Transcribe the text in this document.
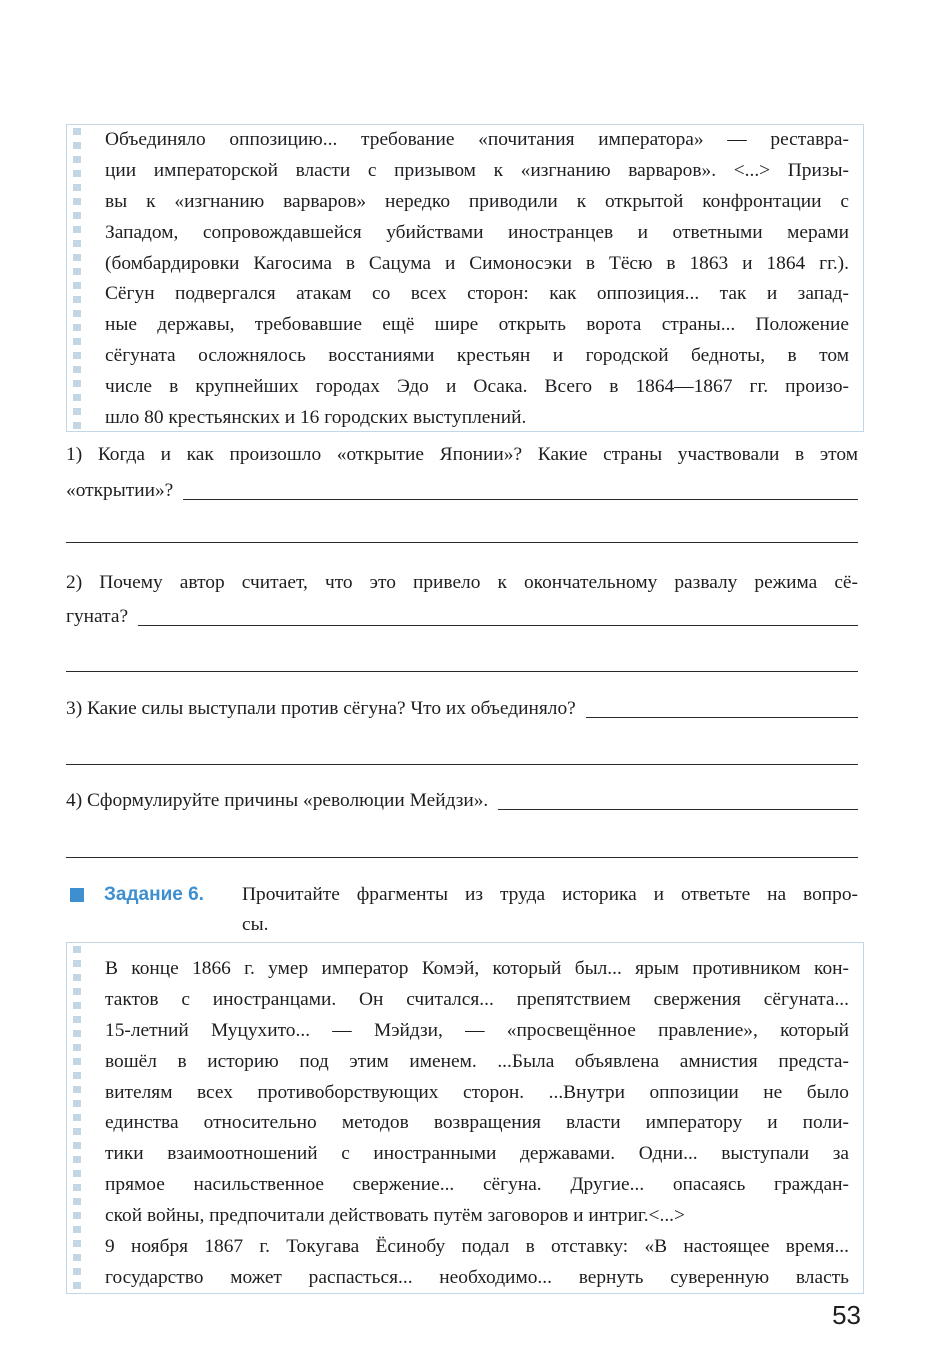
Объединяло оппозицию... требование «почитания императора» — реставра-
ции императорской власти с призывом к «изгнанию варваров». <...> Призы-
вы к «изгнанию варваров» нередко приводили к открытой конфронтации с
Западом, сопровождавшейся убийствами иностранцев и ответными мерами
(бомбардировки Кагосима в Сацума и Симоносэки в Тёсю в 1863 и 1864 гг.).
Сёгун подвергался атакам со всех сторон: как оппозиция... так и запад-
ные державы, требовавшие ещё шире открыть ворота страны... Положение
сёгуната осложнялось восстаниями крестьян и городской бедноты, в том
числе в крупнейших городах Эдо и Осака. Всего в 1864—1867 гг. произо-
шло 80 крестьянских и 16 городских выступлений.
1) Когда и как произошло «открытие Японии»? Какие страны участвовали в этом
«открытии»?
2) Почему автор считает, что это привело к окончательному развалу режима сё-
гуната?
3) Какие силы выступали против сёгуна? Что их объединяло?
4) Сформулируйте причины «революции Мейдзи».
Задание 6. Прочитайте фрагменты из труда историка и ответьте на вопро-
сы.
В конце 1866 г. умер император Комэй, который был... ярым противником кон-
тактов с иностранцами. Он считался... препятствием свержения сёгуната...
15-летний Муцухито... — Мэйдзи, — «просвещённое правление», который
вошёл в историю под этим именем. ...Была объявлена амнистия предста-
вителям всех противоборствующих сторон. ...Внутри оппозиции не было
единства относительно методов возвращения власти императору и поли-
тики взаимоотношений с иностранными державами. Одни... выступали за
прямое насильственное свержение... сёгуна. Другие... опасаясь граждан-
ской войны, предпочитали действовать путём заговоров и интриг.<...>
9 ноября 1867 г. Токугава Ёсинобу подал в отставку: «В настоящее время...
государство может распасться... необходимо... вернуть суверенную власть
53
